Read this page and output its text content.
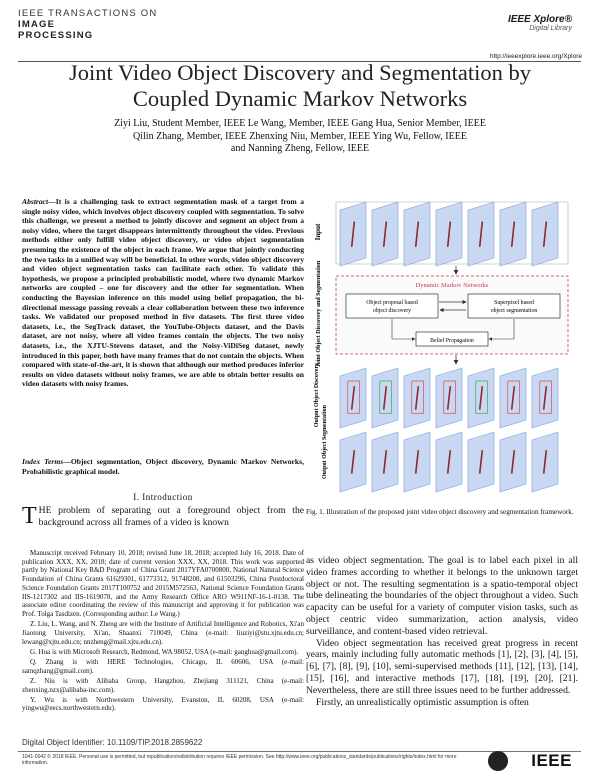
IEEE TRANSACTIONS ON
IMAGE
PROCESSING
IEEE Xplore®
Digital Library
http://ieeexplore.ieee.org/Xplore
Joint Video Object Discovery and Segmentation by
Coupled Dynamic Markov Networks
Ziyi Liu, Student Member, IEEE Le Wang, Member, IEEE Gang Hua, Senior Member, IEEE
Qilin Zhang, Member, IEEE Zhenxing Niu, Member, IEEE Ying Wu, Fellow, IEEE
and Nanning Zheng, Fellow, IEEE
Abstract—It is a challenging task to extract segmentation mask of a target from a single noisy video, which involves object discovery coupled with segmentation. To solve this challenge, we present a method to jointly discover and segment an object from a noisy video, where the target disappears intermittently throughout the video. Previous methods either only fulfill video object discovery, or video object segmentation presuming the existence of the object in each frame. We argue that jointly conducting the two tasks in a unified way will be beneficial. In other words, video object discovery and video object segmentation tasks can facilitate each other. To validate this hypothesis, we propose a principled probabilistic model, where two dynamic Markov networks are coupled – one for discovery and the other for segmentation. When conducting the Bayesian inference on this model using belief propagation, the bi-directional message passing reveals a clear collaboration between these two inference tasks. We validated our proposed method in five datasets. The first three video datasets, i.e., the SegTrack dataset, the YouTube-Objects dataset, and the Davis dataset, are not noisy, where all video frames contain the objects. The two noisy datasets, i.e., the XJTU-Stevens dataset, and the Noisy-ViDiSeg dataset, newly introduced in this paper, both have many frames that do not contain the objects. When compared with state-of-the-art, it is shown that although our method produces inferior results on video datasets without noisy frames, we are able to obtain better results on video datasets with noisy frames.
Index Terms—Object segmentation, Object discovery, Dynamic Markov Networks, Probabilistic graphical model.
I. Introduction
THE problem of separating out a foreground object from the background across all frames of a video is known

Manuscript received February 10, 2018; revised June 18, 2018; accepted July 16, 2018. Date of publication XXX, XX, 2018; date of current version XXX, XX, 2018. This work was supported partly by National Key R&D Program of China Grant 2017YFA0700800, National Natural Science Foundation of China Grants 61629301, 61773312, 91748208, and 61503296, China Postdoctoral Science Foundation Grants 2017T100752 and 2015M572563, National Science Foundation Grants IIS-1217302 and IIS-1619078, and the Army Research Office ARO W911NF-16-1-0138. The associate editor coordinating the review of this manuscript and approving it for publication was Prof. Tolga Tasdizen. (Corresponding author: Le Wang.)

Z. Liu, L. Wang, and N. Zheng are with the Institute of Artificial Intelligence and Robotics, Xi'an Jiaotong University, Xi'an, Shaanxi 710049, China (e-mail: liuziyi@stu.xjtu.edu.cn; lewang@xjtu.edu.cn; nnzheng@mail.xjtu.edu.cn).

G. Hua is with Microsoft Research, Redmond, WA 98052, USA (e-mail: ganghua@gmail.com).

Q. Zhang is with HERE Technologies, Chicago, IL 60606, USA (e-mail: samqzhang@gmail.com).

Z. Niu is with Alibaba Group, Hangzhou, Zhejiang 311121, China (e-mail: zhenxing.nzx@alibaba-inc.com).

Y. Wu is with Northwestern University, Evanston, IL 60208, USA (e-mail: yingwu@eecs.northwestern.edu).

Digital Object Identifier: 10.1109/TIP.2018.2859622
1041-0042 © 2018 IEEE. Personal use is permitted, but republication/redistribution requires IEEE permission. See http://www.ieee.org/publications_standards/publications/rights/index.html for more information.	IEEE
Input
Joint Object Discovery and Segmentation
Output Object Discovery
Output Object Segmentation
Dynamic Markov Networks
Object proposal based object discovery
Superpixel based object segmentation
Belief Propagation
Fig. 1. Illustration of the proposed joint video object discovery and segmentation framework.

as video object segmentation. The goal is to label each pixel in all video frames according to whether it belongs to the unknown target object or not. The resulting segmentation is a spatio-temporal object tube delineating the boundaries of the object throughout a video. Such capacity can be useful for a variety of computer vision tasks, such as object centric video summarization, action analysis, video surveillance, and content-based video retrieval.

Video object segmentation has received great progress in recent years, mainly including fully automatic methods [1], [2], [3], [4], [5], [6], [7], [8], [9], [10], semi-supervised methods [11], [12], [13], [14], [15], [16], and interactive methods [17], [18], [19], [20], [21]. Nevertheless, there are still three issues need to be further addressed.

Firstly, an unrealistically optimistic assumption is often
